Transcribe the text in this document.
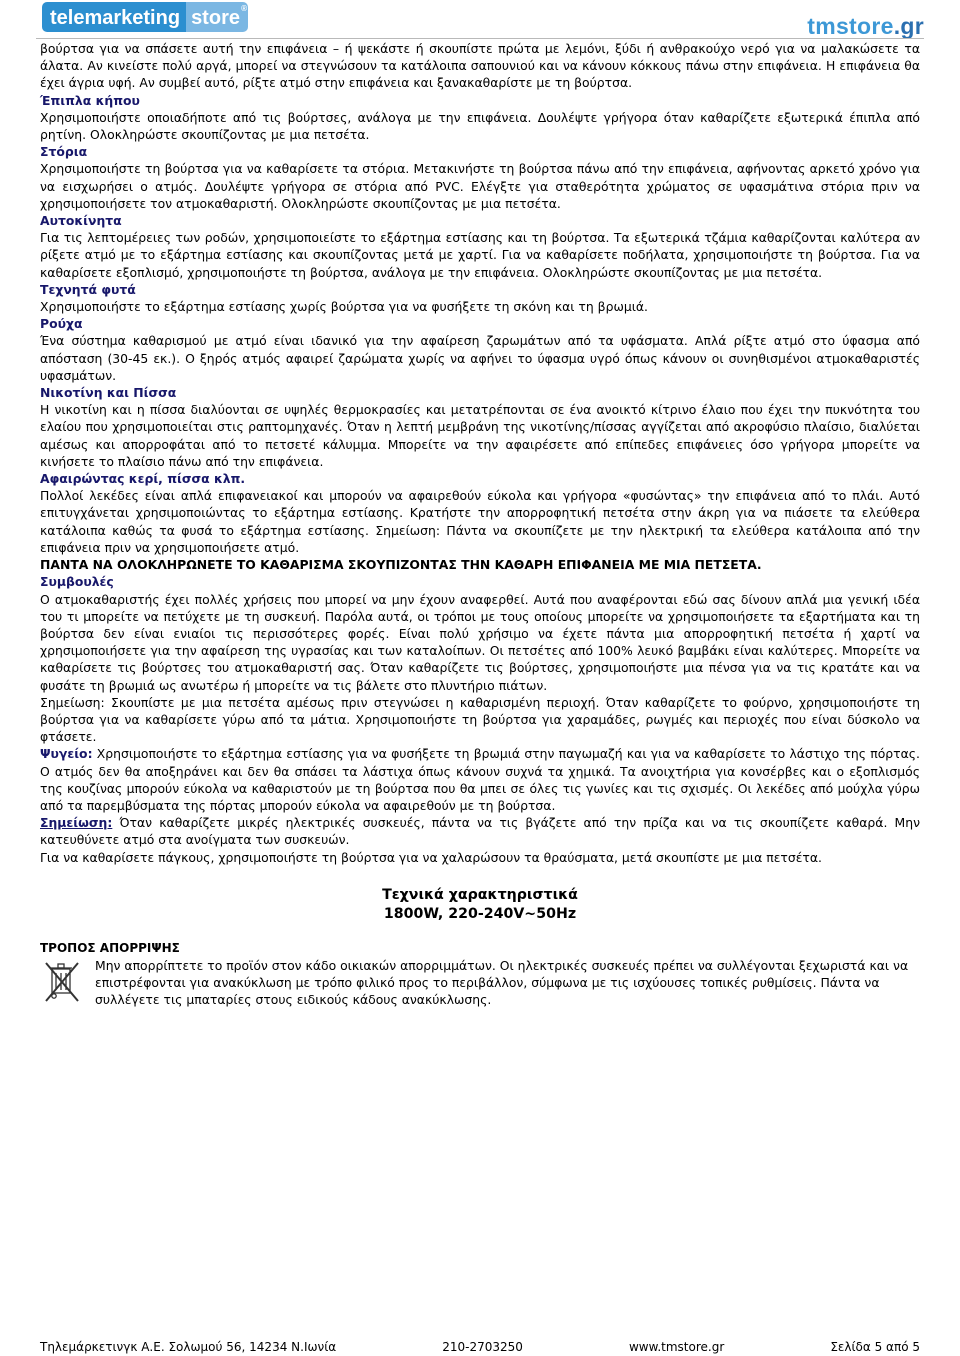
telemarketing store®
tmstore.gr

βούρτσα για να σπάσετε αυτή την επιφάνεια – ή ψεκάστε ή σκουπίστε πρώτα με λεμόνι, ξύδι ή ανθρακούχο νερό για να μαλακώσετε τα άλατα. Αν κινείστε πολύ αργά, μπορεί να στεγνώσουν τα κατάλοιπα σαπουνιού και να κάνουν κόκκους πάνω στην επιφάνεια. Η επιφάνεια θα έχει άγρια υφή. Αν συμβεί αυτό, ρίξτε ατμό στην επιφάνεια και ξανακαθαρίστε με τη βούρτσα.

Έπιπλα κήπου

Χρησιμοποιήστε οποιαδήποτε από τις βούρτσες, ανάλογα με την επιφάνεια. Δουλέψτε γρήγορα όταν καθαρίζετε εξωτερικά έπιπλα από ρητίνη. Ολοκληρώστε σκουπίζοντας με μια πετσέτα.

Στόρια

Χρησιμοποιήστε τη βούρτσα για να καθαρίσετε τα στόρια. Μετακινήστε τη βούρτσα πάνω από την επιφάνεια, αφήνοντας αρκετό χρόνο για να εισχωρήσει ο ατμός. Δουλέψτε γρήγορα σε στόρια από PVC. Ελέγξτε για σταθερότητα χρώματος σε υφασμάτινα στόρια πριν να χρησιμοποιήσετε τον ατμοκαθαριστή. Ολοκληρώστε σκουπίζοντας με μια πετσέτα.

Αυτοκίνητα

Για τις λεπτομέρειες των ροδών, χρησιμοποιείστε το εξάρτημα εστίασης και τη βούρτσα. Τα εξωτερικά τζάμια καθαρίζονται καλύτερα αν ρίξετε ατμό με το εξάρτημα εστίασης και σκουπίζοντας μετά με χαρτί. Για να καθαρίσετε ποδήλατα, χρησιμοποιήστε τη βούρτσα. Για να καθαρίσετε εξοπλισμό, χρησιμοποιήστε τη βούρτσα, ανάλογα με την επιφάνεια. Ολοκληρώστε σκουπίζοντας με μια πετσέτα.

Τεχνητά φυτά

Χρησιμοποιήστε το εξάρτημα εστίασης χωρίς βούρτσα για να φυσήξετε τη σκόνη και τη βρωμιά.

Ρούχα

Ένα σύστημα καθαρισμού με ατμό είναι ιδανικό για την αφαίρεση ζαρωμάτων από τα υφάσματα. Απλά ρίξτε ατμό στο ύφασμα από απόσταση (30-45 εκ.). Ο ξηρός ατμός αφαιρεί ζαρώματα χωρίς να αφήνει το ύφασμα υγρό όπως κάνουν οι συνηθισμένοι ατμοκαθαριστές υφασμάτων.

Νικοτίνη και Πίσσα

Η νικοτίνη και η πίσσα διαλύονται σε υψηλές θερμοκρασίες και μετατρέπονται σε ένα ανοικτό κίτρινο έλαιο που έχει την πυκνότητα του ελαίου που χρησιμοποιείται στις ραπτομηχανές. Όταν η λεπτή μεμβράνη της νικοτίνης/πίσσας αγγίζεται από ακροφύσιο πλαίσιο, διαλύεται αμέσως και απορροφάται από το πετσετέ κάλυμμα. Μπορείτε να την αφαιρέσετε από επίπεδες επιφάνειες όσο γρήγορα μπορείτε να κινήσετε το πλαίσιο πάνω από την επιφάνεια.

Αφαιρώντας κερί, πίσσα κλπ.

Πολλοί λεκέδες είναι απλά επιφανειακοί και μπορούν να αφαιρεθούν εύκολα και γρήγορα «φυσώντας» την επιφάνεια από το πλάι. Αυτό επιτυγχάνεται χρησιμοποιώντας το εξάρτημα εστίασης. Κρατήστε την απορροφητική πετσέτα στην άκρη για να πιάσετε τα ελεύθερα κατάλοιπα καθώς τα φυσά το εξάρτημα εστίασης. Σημείωση: Πάντα να σκουπίζετε με την ηλεκτρική τα ελεύθερα κατάλοιπα από την επιφάνεια πριν να χρησιμοποιήσετε ατμό.

ΠΑΝΤΑ ΝΑ ΟΛΟΚΛΗΡΩΝΕΤΕ ΤΟ ΚΑΘΑΡΙΣΜΑ ΣΚΟΥΠΙΖΟΝΤΑΣ ΤΗΝ ΚΑΘΑΡΗ ΕΠΙΦΑΝΕΙΑ ΜΕ ΜΙΑ ΠΕΤΣΕΤΑ.

Συμβουλές

Ο ατμοκαθαριστής έχει πολλές χρήσεις που μπορεί να μην έχουν αναφερθεί. Αυτά που αναφέρονται εδώ σας δίνουν απλά μια γενική ιδέα του τι μπορείτε να πετύχετε με τη συσκευή. Παρόλα αυτά, οι τρόποι με τους οποίους μπορείτε να χρησιμοποιήσετε τα εξαρτήματα και τη βούρτσα δεν είναι ενιαίοι τις περισσότερες φορές. Είναι πολύ χρήσιμο να έχετε πάντα μια απορροφητική πετσέτα ή χαρτί να χρησιμοποιήσετε για την αφαίρεση της υγρασίας και των καταλοίπων. Οι πετσέτες από 100% λευκό βαμβάκι είναι καλύτερες. Μπορείτε να καθαρίσετε τις βούρτσες του ατμοκαθαριστή σας. Όταν καθαρίζετε τις βούρτσες, χρησιμοποιήστε μια πένσα για να τις κρατάτε και να φυσάτε τη βρωμιά ως ανωτέρω ή μπορείτε να τις βάλετε στο πλυντήριο πιάτων.

Σημείωση: Σκουπίστε με μια πετσέτα αμέσως πριν στεγνώσει η καθαρισμένη περιοχή. Όταν καθαρίζετε το φούρνο, χρησιμοποιήστε τη βούρτσα για να καθαρίσετε γύρω από τα μάτια. Χρησιμοποιήστε τη βούρτσα για χαραμάδες, ρωγμές και περιοχές που είναι δύσκολο να φτάσετε.

Ψυγείο: Χρησιμοποιήστε το εξάρτημα εστίασης για να φυσήξετε τη βρωμιά στην παγωμαζή και για να καθαρίσετε το λάστιχο της πόρτας. Ο ατμός δεν θα αποξηράνει και δεν θα σπάσει τα λάστιχα όπως κάνουν συχνά τα χημικά. Τα ανοιχτήρια για κονσέρβες και ο εξοπλισμός της κουζίνας μπορούν εύκολα να καθαριστούν με τη βούρτσα που θα μπει σε όλες τις γωνίες και τις σχισμές. Οι λεκέδες από μούχλα γύρω από τα παρεμβύσματα της πόρτας μπορούν εύκολα να αφαιρεθούν με τη βούρτσα.

Σημείωση: Όταν καθαρίζετε μικρές ηλεκτρικές συσκευές, πάντα να τις βγάζετε από την πρίζα και να τις σκουπίζετε καθαρά. Μην κατευθύνετε ατμό στα ανοίγματα των συσκευών.

Για να καθαρίσετε πάγκους, χρησιμοποιήστε τη βούρτσα για να χαλαρώσουν τα θραύσματα, μετά σκουπίστε με μια πετσέτα.

Τεχνικά χαρακτηριστικά
1800W, 220-240V~50Hz
ΤΡΟΠΟΣ ΑΠΟΡΡΙΨΗΣ
Μην απορρίπτετε το προϊόν στον κάδο οικιακών απορριμμάτων. Οι ηλεκτρικές συσκευές πρέπει να συλλέγονται ξεχωριστά και να επιστρέφονται για ανακύκλωση με τρόπο φιλικό προς το περιβάλλον, σύμφωνα με τις ισχύουσες τοπικές ρυθμίσεις. Πάντα να συλλέγετε τις μπαταρίες στους ειδικούς κάδους ανακύκλωσης.
Τηλεμάρκετινγκ Α.Ε. Σολωμού 56, 14234 Ν.Ιωνία	210-2703250	www.tmstore.gr	Σελίδα 5 από 5
